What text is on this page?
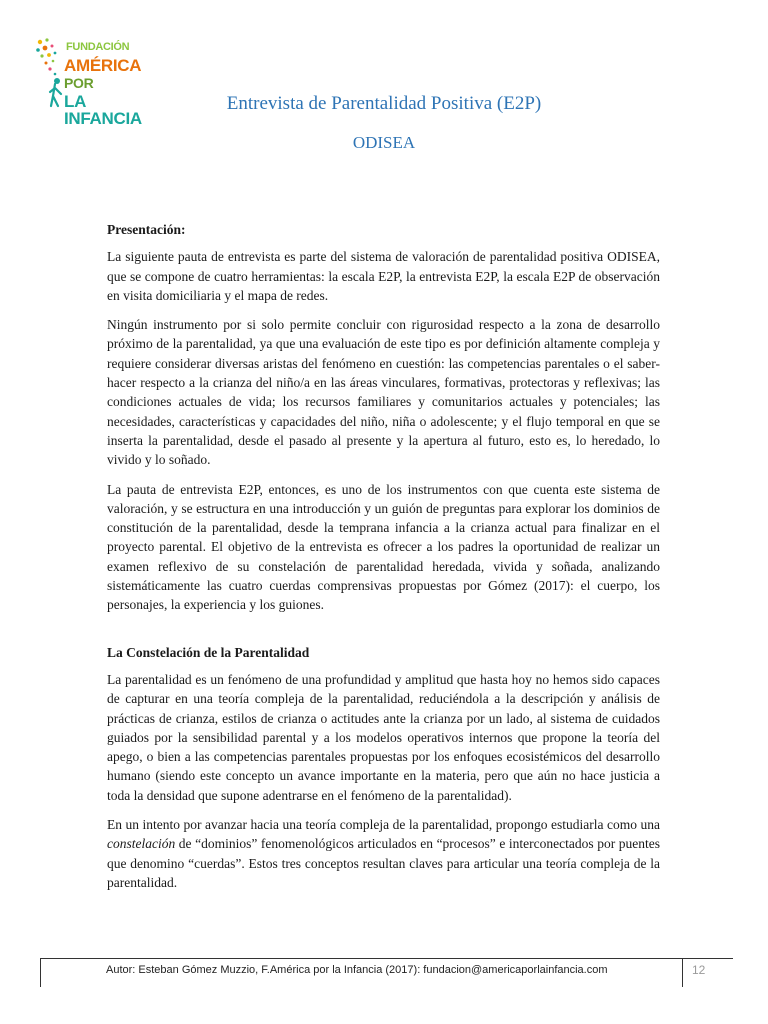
FUNDACIÓN
AMÉRICA POR
LA INFANCIA
Entrevista de Parentalidad Positiva (E2P)
ODISEA
Presentación:

La siguiente pauta de entrevista es parte del sistema de valoración de parentalidad positiva ODISEA, que se compone de cuatro herramientas: la escala E2P, la entrevista E2P, la escala E2P de observación en visita domiciliaria y el mapa de redes.

Ningún instrumento por si solo permite concluir con rigurosidad respecto a la zona de desarrollo próximo de la parentalidad, ya que una evaluación de este tipo es por definición altamente compleja y requiere considerar diversas aristas del fenómeno en cuestión: las competencias parentales o el saber-hacer respecto a la crianza del niño/a en las áreas vinculares, formativas, protectoras y reflexivas; las condiciones actuales de vida; los recursos familiares y comunitarios actuales y potenciales; las necesidades, características y capacidades del niño, niña o adolescente; y el flujo temporal en que se inserta la parentalidad, desde el pasado al presente y la apertura al futuro, esto es, lo heredado, lo vivido y lo soñado.

La pauta de entrevista E2P, entonces, es uno de los instrumentos con que cuenta este sistema de valoración, y se estructura en una introducción y un guión de preguntas para explorar los dominios de constitución de la parentalidad, desde la temprana infancia a la crianza actual para finalizar en el proyecto parental. El objetivo de la entrevista es ofrecer a los padres la oportunidad de realizar un examen reflexivo de su constelación de parentalidad heredada, vivida y soñada, analizando sistemáticamente las cuatro cuerdas comprensivas propuestas por Gómez (2017): el cuerpo, los personajes, la experiencia y los guiones.

La Constelación de la Parentalidad

La parentalidad es un fenómeno de una profundidad y amplitud que hasta hoy no hemos sido capaces de capturar en una teoría compleja de la parentalidad, reduciéndola a la descripción y análisis de prácticas de crianza, estilos de crianza o actitudes ante la crianza por un lado, al sistema de cuidados guiados por la sensibilidad parental y a los modelos operativos internos que propone la teoría del apego, o bien a las competencias parentales propuestas por los enfoques ecosistémicos del desarrollo humano (siendo este concepto un avance importante en la materia, pero que aún no hace justicia a toda la densidad que supone adentrarse en el fenómeno de la parentalidad).

En un intento por avanzar hacia una teoría compleja de la parentalidad, propongo estudiarla como una constelación de “dominios” fenomenológicos articulados en “procesos” e interconectados por puentes que denomino “cuerdas”. Estos tres conceptos resultan claves para articular una teoría compleja de la parentalidad.

Autor: Esteban Gómez Muzzio, F.América por la Infancia (2017): fundacion@americaporlainfancia.com	12
